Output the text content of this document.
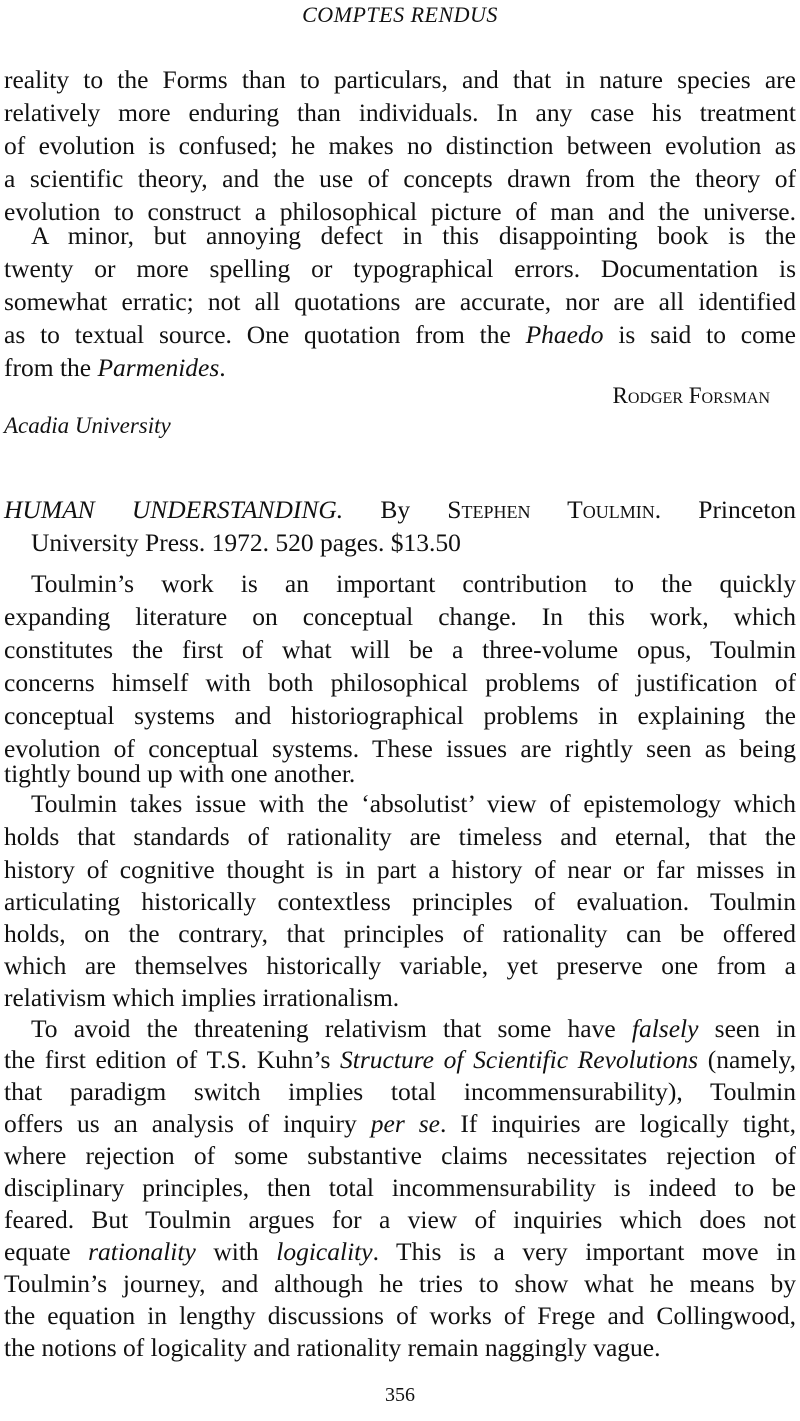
COMPTES RENDUS
reality to the Forms than to particulars, and that in nature species are
relatively more enduring than individuals. In any case his treatment
of evolution is confused; he makes no distinction between evolution as
a scientific theory, and the use of concepts drawn from the theory of
evolution to construct a philosophical picture of man and the universe.
A minor, but annoying defect in this disappointing book is the
twenty or more spelling or typographical errors. Documentation is
somewhat erratic; not all quotations are accurate, nor are all identified
as to textual source. One quotation from the Phaedo is said to come
from the Parmenides.
Rodger Forsman
Acadia University
HUMAN UNDERSTANDING. By Stephen Toulmin. Princeton
University Press. 1972. 520 pages. $13.50
Toulmin’s work is an important contribution to the quickly
expanding literature on conceptual change. In this work, which
constitutes the first of what will be a three-volume opus, Toulmin
concerns himself with both philosophical problems of justification of
conceptual systems and historiographical problems in explaining the
evolution of conceptual systems. These issues are rightly seen as being
tightly bound up with one another.
Toulmin takes issue with the ‘absolutist’ view of epistemology which
holds that standards of rationality are timeless and eternal, that the
history of cognitive thought is in part a history of near or far misses in
articulating historically contextless principles of evaluation. Toulmin
holds, on the contrary, that principles of rationality can be offered
which are themselves historically variable, yet preserve one from a
relativism which implies irrationalism.
To avoid the threatening relativism that some have falsely seen in
the first edition of T.S. Kuhn’s Structure of Scientific Revolutions (namely,
that paradigm switch implies total incommensurability), Toulmin
offers us an analysis of inquiry per se. If inquiries are logically tight,
where rejection of some substantive claims necessitates rejection of
disciplinary principles, then total incommensurability is indeed to be
feared. But Toulmin argues for a view of inquiries which does not
equate rationality with logicality. This is a very important move in
Toulmin’s journey, and although he tries to show what he means by
the equation in lengthy discussions of works of Frege and Collingwood,
the notions of logicality and rationality remain naggingly vague.
356
